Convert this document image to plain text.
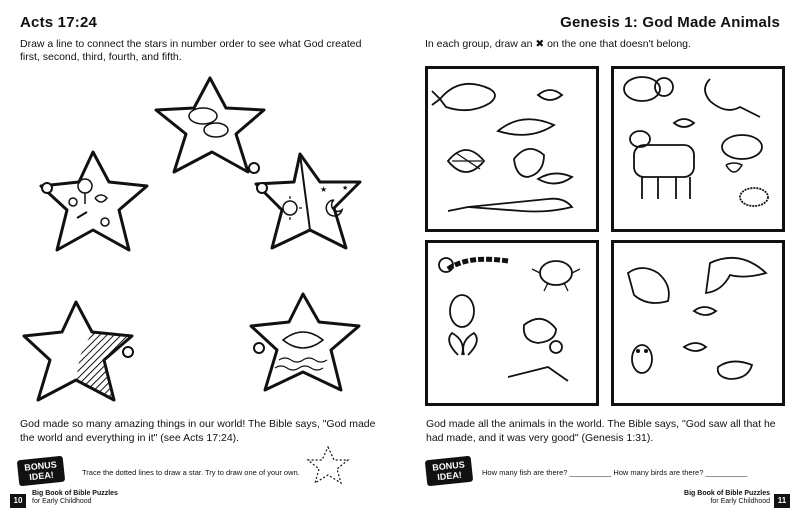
Acts 17:24
Draw a line to connect the stars in number order to see what God created first, second, third, fourth, and fifth.
★ ★
God made so many amazing things in our world! The Bible says, "God made the world and everything in it" (see Acts 17:24).
BONUS IDEA!	Trace the dotted lines to draw a star. Try to draw one of your own.
10
Big Book of Bible Puzzles
for Early Childhood
Genesis 1: God Made Animals
In each group, draw an ✖ on the one that doesn't belong.
God made all the animals in the world. The Bible says, "God saw all that he had made, and it was very good" (Genesis 1:31).
BONUS IDEA!	How many fish are there? __________ How many birds are there? __________
11
Big Book of Bible Puzzles
for Early Childhood
